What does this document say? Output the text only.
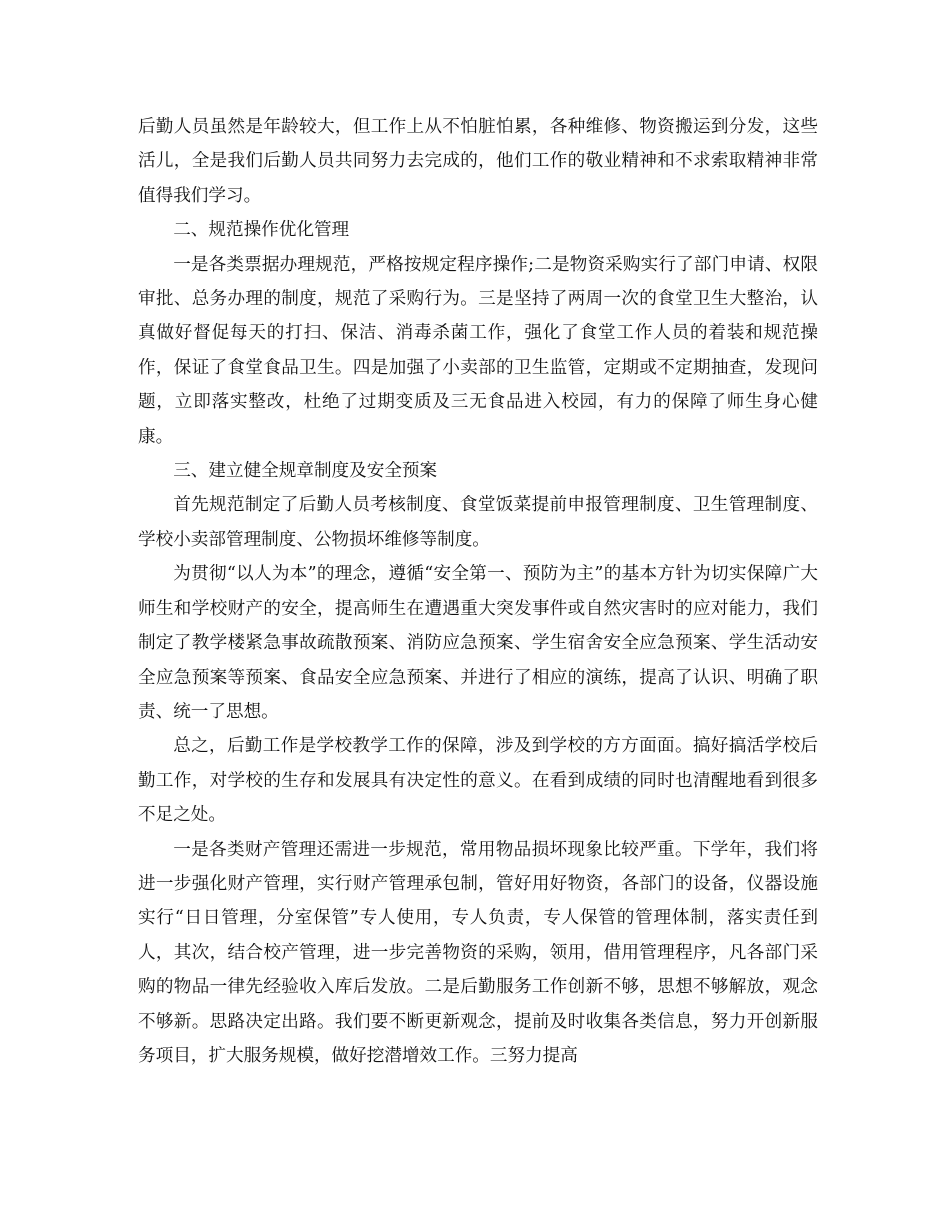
后勤人员虽然是年龄较大，但工作上从不怕脏怕累，各种维修、物资搬运到分发，这些活儿，全是我们后勤人员共同努力去完成的，他们工作的敬业精神和不求索取精神非常值得我们学习。

二、规范操作优化管理

一是各类票据办理规范，严格按规定程序操作;二是物资采购实行了部门申请、权限审批、总务办理的制度，规范了采购行为。三是坚持了两周一次的食堂卫生大整治，认真做好督促每天的打扫、保洁、消毒杀菌工作，强化了食堂工作人员的着装和规范操作，保证了食堂食品卫生。四是加强了小卖部的卫生监管，定期或不定期抽查，发现问题，立即落实整改，杜绝了过期变质及三无食品进入校园，有力的保障了师生身心健康。

三、建立健全规章制度及安全预案

首先规范制定了后勤人员考核制度、食堂饭菜提前申报管理制度、卫生管理制度、学校小卖部管理制度、公物损坏维修等制度。

为贯彻“以人为本”的理念，遵循“安全第一、预防为主”的基本方针为切实保障广大师生和学校财产的安全，提高师生在遭遇重大突发事件或自然灾害时的应对能力，我们制定了教学楼紧急事故疏散预案、消防应急预案、学生宿舍安全应急预案、学生活动安全应急预案等预案、食品安全应急预案、并进行了相应的演练，提高了认识、明确了职责、统一了思想。

总之，后勤工作是学校教学工作的保障，涉及到学校的方方面面。搞好搞活学校后勤工作，对学校的生存和发展具有决定性的意义。在看到成绩的同时也清醒地看到很多不足之处。

一是各类财产管理还需进一步规范，常用物品损坏现象比较严重。下学年，我们将进一步强化财产管理，实行财产管理承包制，管好用好物资，各部门的设备，仪器设施实行“日日管理，分室保管”专人使用，专人负责，专人保管的管理体制，落实责任到人，其次，结合校产管理，进一步完善物资的采购，领用，借用管理程序，凡各部门采购的物品一律先经验收入库后发放。二是后勤服务工作创新不够，思想不够解放，观念不够新。思路决定出路。我们要不断更新观念，提前及时收集各类信息，努力开创新服务项目，扩大服务规模，做好挖潜增效工作。三努力提高
